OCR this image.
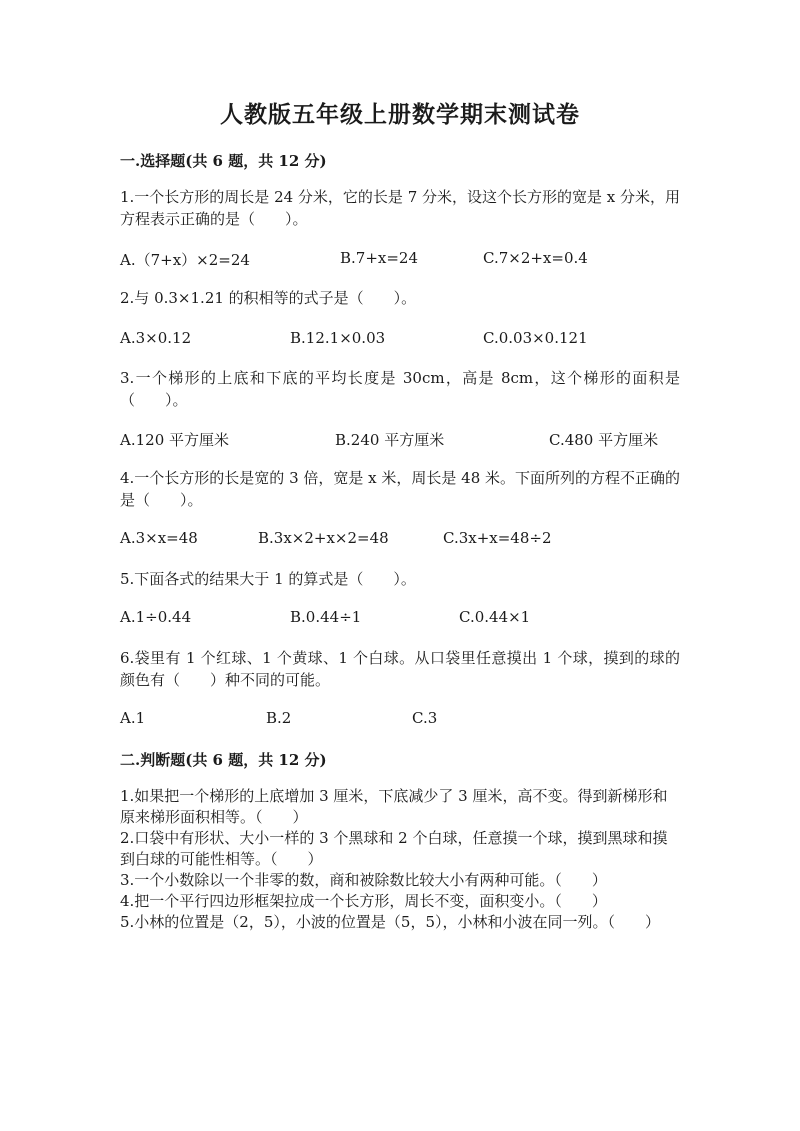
人教版五年级上册数学期末测试卷
一.选择题(共 6 题，共 12 分)
1.一个长方形的周长是 24 分米，它的长是 7 分米，设这个长方形的宽是 x 分米，用方程表示正确的是（　　）。
A.（7+x）×2=24	B.7+x=24	C.7×2+x=0.4
2.与 0.3×1.21 的积相等的式子是（　　）。
A.3×0.12	B.12.1×0.03	C.0.03×0.121
3.一个梯形的上底和下底的平均长度是 30cm，高是 8cm，这个梯形的面积是（　　）。
A.120 平方厘米	B.240 平方厘米	C.480 平方厘米
4.一个长方形的长是宽的 3 倍，宽是 x 米，周长是 48 米。下面所列的方程不正确的是（　　）。
A.3×x=48	B.3x×2+x×2=48	C.3x+x=48÷2
5.下面各式的结果大于 1 的算式是（　　）。
A.1÷0.44	B.0.44÷1	C.0.44×1
6.袋里有 1 个红球、1 个黄球、1 个白球。从口袋里任意摸出 1 个球，摸到的球的颜色有（　　）种不同的可能。
A.1	B.2	C.3
二.判断题(共 6 题，共 12 分)
1.如果把一个梯形的上底增加 3 厘米，下底减少了 3 厘米，高不变。得到新梯形和原来梯形面积相等。（　　）
2.口袋中有形状、大小一样的 3 个黑球和 2 个白球，任意摸一个球，摸到黑球和摸到白球的可能性相等。（　　）
3.一个小数除以一个非零的数，商和被除数比较大小有两种可能。（　　）
4.把一个平行四边形框架拉成一个长方形，周长不变，面积变小。（　　）
5.小林的位置是（2，5），小波的位置是（5，5），小林和小波在同一列。（　　）
